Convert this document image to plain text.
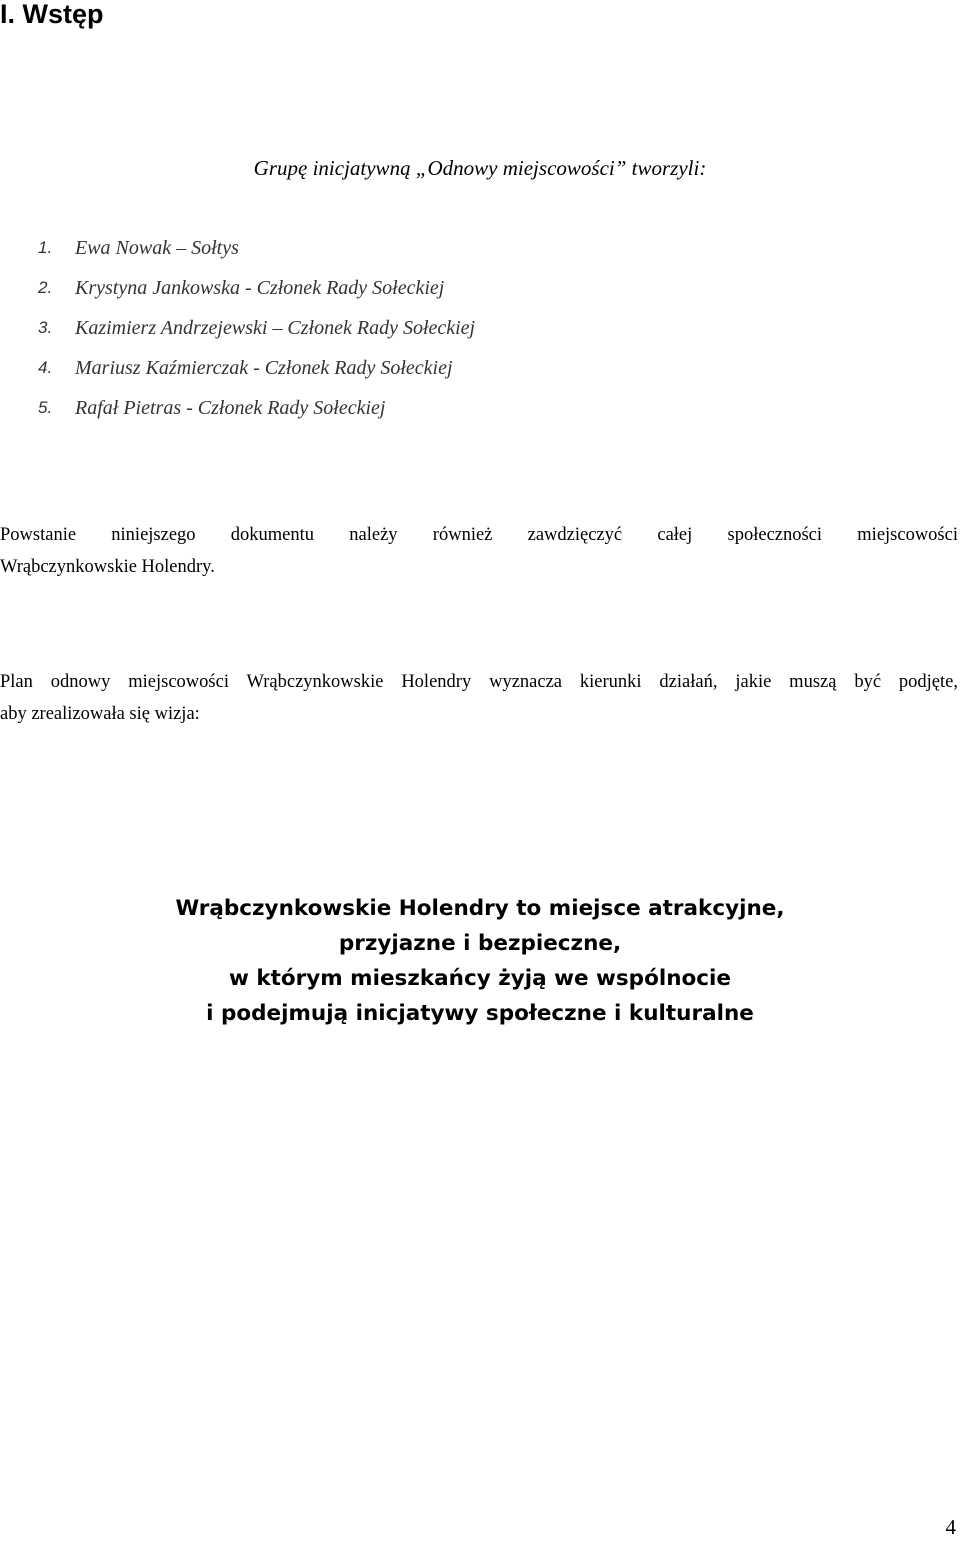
I. Wstęp

Grupę inicjatywną „Odnowy miejscowości” tworzyli:

1.	Ewa Nowak – Sołtys
2.	Krystyna Jankowska - Członek Rady Sołeckiej
3.	Kazimierz Andrzejewski – Członek Rady Sołeckiej
4.	Mariusz Kaźmierczak - Członek Rady Sołeckiej
5.	Rafał Pietras - Członek Rady Sołeckiej
Powstanie niniejszego dokumentu należy również zawdzięczyć całej społeczności miejscowości
Wrąbczynkowskie Holendry.
Plan odnowy miejscowości Wrąbczynkowskie Holendry wyznacza kierunki działań, jakie muszą być podjęte,
aby zrealizowała się wizja:
Wrąbczynkowskie Holendry to miejsce atrakcyjne,
przyjazne i bezpieczne,
w którym mieszkańcy żyją we wspólnocie
i podejmują inicjatywy społeczne i kulturalne
4
